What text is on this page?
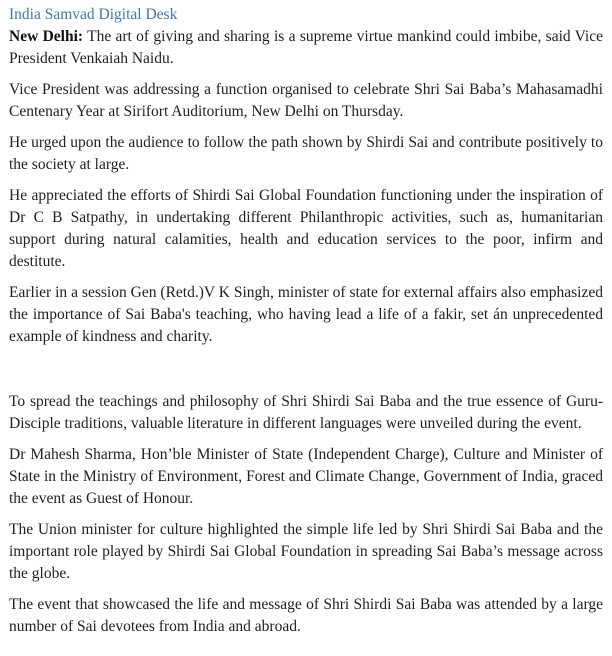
India Samvad Digital Desk

New Delhi: The art of giving and sharing is a supreme virtue mankind could imbibe, said Vice President Venkaiah Naidu.

Vice President was addressing a function organised to celebrate Shri Sai Baba’s Mahasamadhi Centenary Year at Sirifort Auditorium, New Delhi on Thursday.

He urged upon the audience to follow the path shown by Shirdi Sai and contribute positively to the society at large.

He appreciated the efforts of Shirdi Sai Global Foundation functioning under the inspiration of Dr C B Satpathy, in undertaking different Philanthropic activities, such as, humanitarian support during natural calamities, health and education services to the poor, infirm and destitute.

Earlier in a session Gen (Retd.)V K Singh, minister of state for external affairs also emphasized the importance of Sai Baba's teaching, who having lead a life of a fakir, set án unprecedented example of kindness and charity.

To spread the teachings and philosophy of Shri Shirdi Sai Baba and the true essence of Guru-Disciple traditions, valuable literature in different languages were unveiled during the event.

Dr Mahesh Sharma, Hon’ble Minister of State (Independent Charge), Culture and Minister of State in the Ministry of Environment, Forest and Climate Change, Government of India, graced the event as Guest of Honour.

The Union minister for culture highlighted the simple life led by Shri Shirdi Sai Baba and the important role played by Shirdi Sai Global Foundation in spreading Sai Baba’s message across the globe.

The event that showcased the life and message of Shri Shirdi Sai Baba was attended by a large number of Sai devotees from India and abroad.
